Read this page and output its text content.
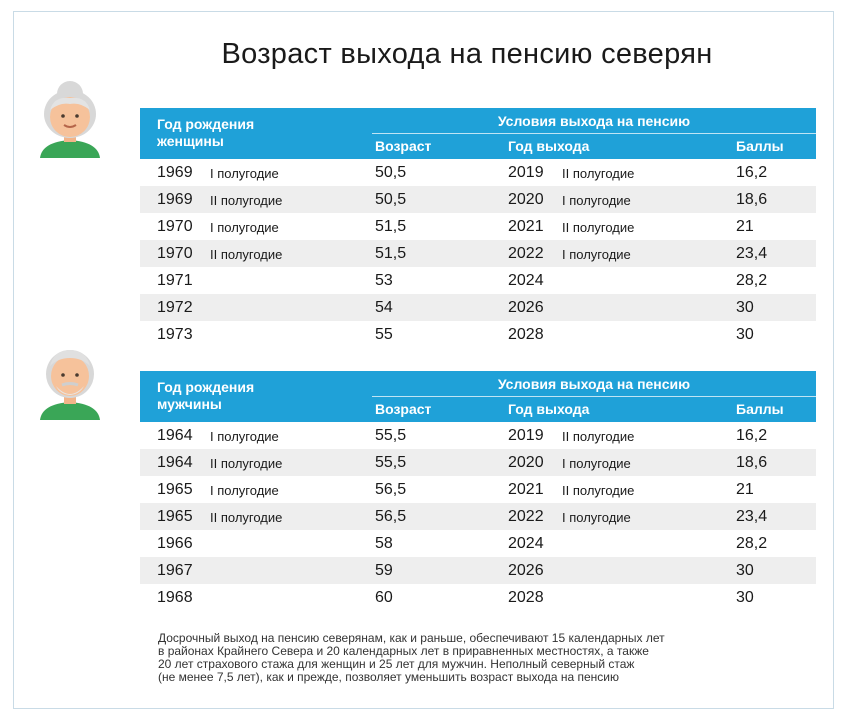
Возраст выхода на пенсию северян
Год рождения
женщины
Условия выхода на пенсию
Возраст	Год выхода	Баллы
1969 I полугодие	50,5	2019 II полугодие	16,2
1969 II полугодие	50,5	2020 I полугодие	18,6
1970 I полугодие	51,5	2021 II полугодие	21
1970 II полугодие	51,5	2022 I полугодие	23,4
1971	53	2024	28,2
1972	54	2026	30
1973	55	2028	30
Год рождения
мужчины
Условия выхода на пенсию
Возраст	Год выхода	Баллы
1964 I полугодие	55,5	2019 II полугодие	16,2
1964 II полугодие	55,5	2020 I полугодие	18,6
1965 I полугодие	56,5	2021 II полугодие	21
1965 II полугодие	56,5	2022 I полугодие	23,4
1966	58	2024	28,2
1967	59	2026	30
1968	60	2028	30
Досрочный выход на пенсию северянам, как и раньше, обеспечивают 15 календарных лет
в районах Крайнего Севера и 20 календарных лет в приравненных местностях, а также
20 лет страхового стажа для женщин и 25 лет для мужчин. Неполный северный стаж
(не менее 7,5 лет), как и прежде, позволяет уменьшить возраст выхода на пенсию
